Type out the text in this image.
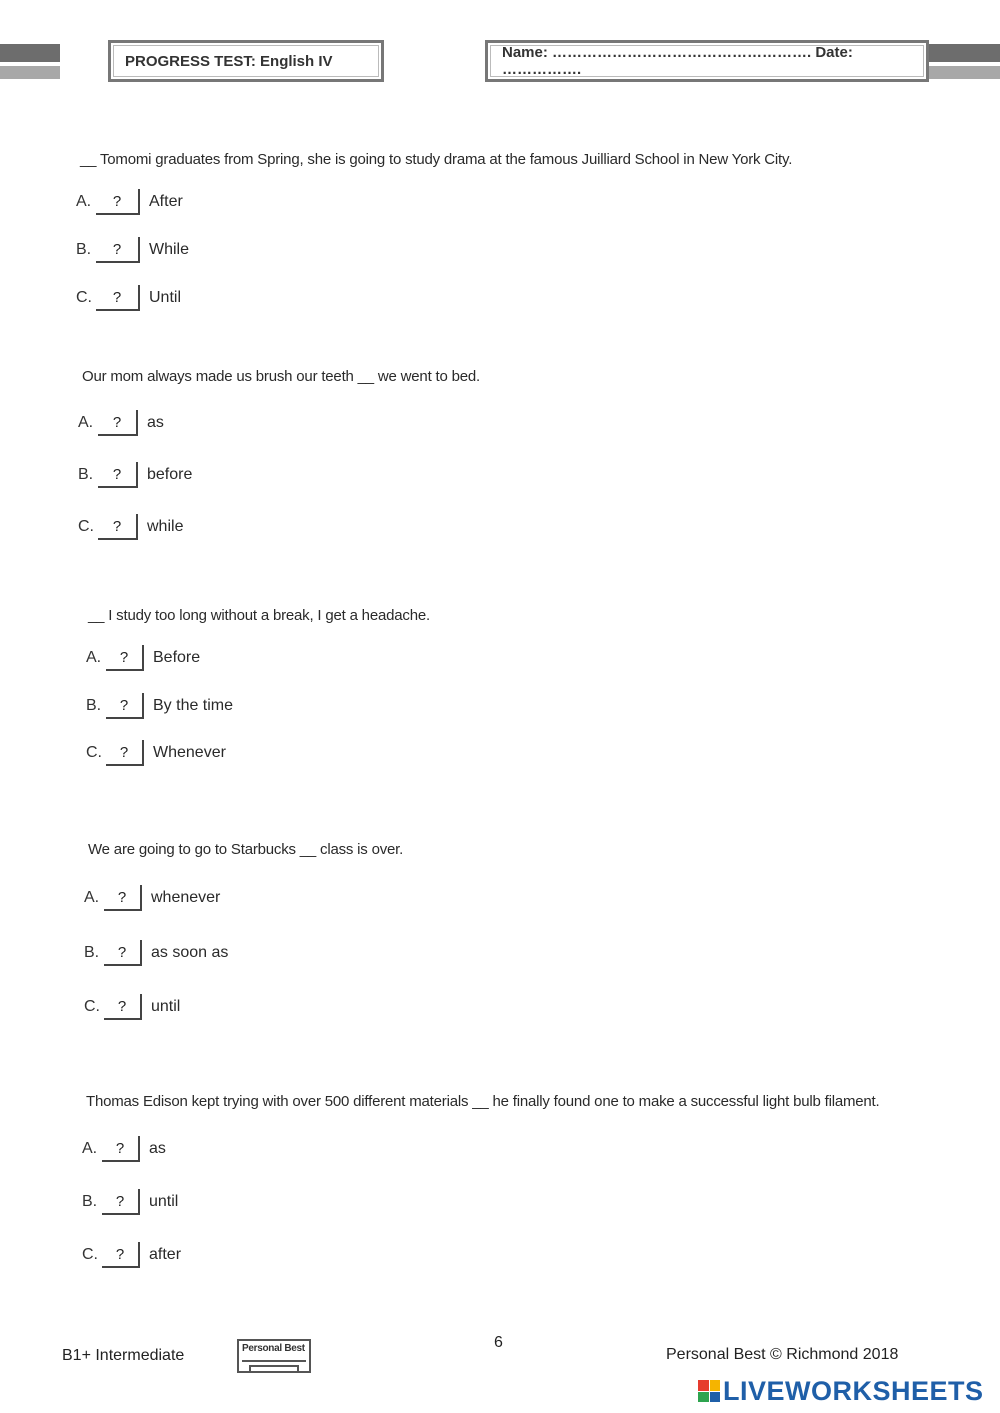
PROGRESS TEST: English IV	Name: ……………………………………………. Date: …………….
__ Tomomi graduates from Spring, she is going to study drama at the famous Juilliard School in New York City.
A.	?	After
B.	?	While
C.	?	Until
Our mom always made us brush our teeth __ we went to bed.
A.	?	as
B.	?	before
C.	?	while
__ I study too long without a break, I get a headache.
A.	?	Before
B.	?	By the time
C.	?	Whenever
We are going to go to Starbucks __ class is over.
A.	?	whenever
B.	?	as soon as
C.	?	until
Thomas Edison kept trying with over 500 different materials __ he finally found one to make a successful light bulb filament.
A.	?	as
B.	?	until
C.	?	after
B1+ Intermediate	Personal Best	6
Personal Best © Richmond 2018
LIVEWORKSHEETS
